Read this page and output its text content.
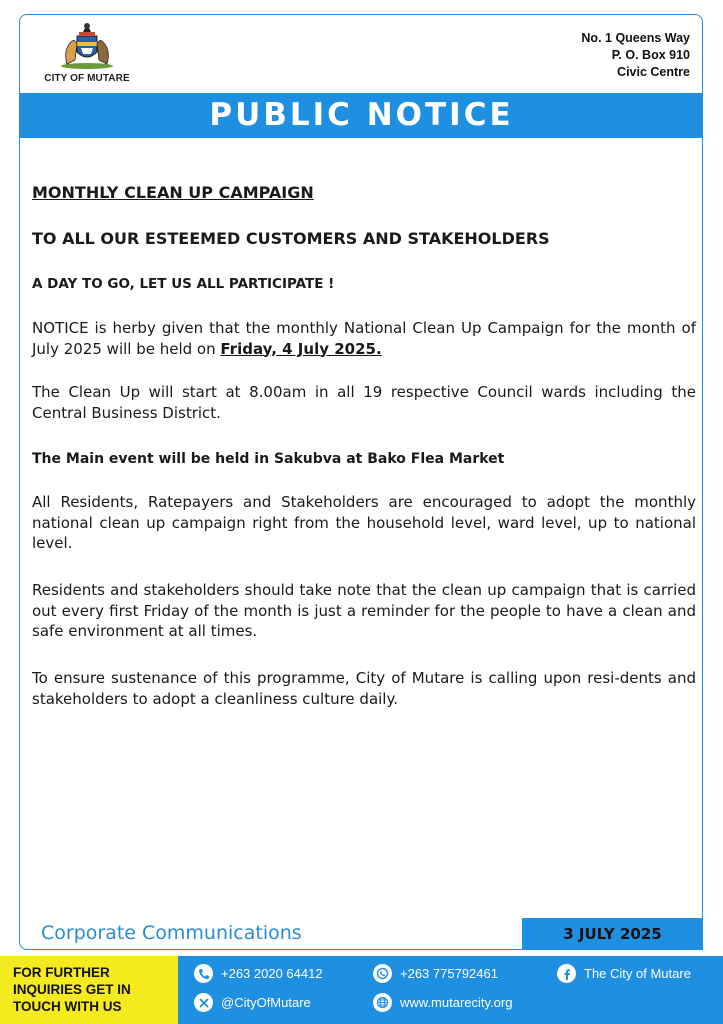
CITY OF MUTARE
No. 1 Queens Way
P. O. Box 910
Civic Centre
PUBLIC NOTICE
MONTHLY CLEAN UP CAMPAIGN
TO ALL OUR ESTEEMED CUSTOMERS AND STAKEHOLDERS
A DAY TO GO, LET US ALL PARTICIPATE !
NOTICE is herby given that the monthly National Clean Up Campaign for the month of July 2025 will be held on Friday, 4 July 2025.
The Clean Up will start at 8.00am in all 19 respective Council wards including the Central Business District.
The Main event will be held in Sakubva at Bako Flea Market
All Residents, Ratepayers and Stakeholders are encouraged to adopt the monthly national clean up campaign right from the household level, ward level, up to national level.
Residents and stakeholders should take note that the clean up campaign that is carried out every first Friday of the month is just a reminder for the people to have a clean and safe environment at all times.
To ensure sustenance of this programme, City of Mutare is calling upon resi-dents and stakeholders to adopt a cleanliness culture daily.
Corporate Communications	3 JULY 2025
FOR FURTHER INQUIRIES GET IN TOUCH WITH US
+263 2020 64412	+263 775792461	The City of Mutare
@CityOfMutare	www.mutarecity.org
